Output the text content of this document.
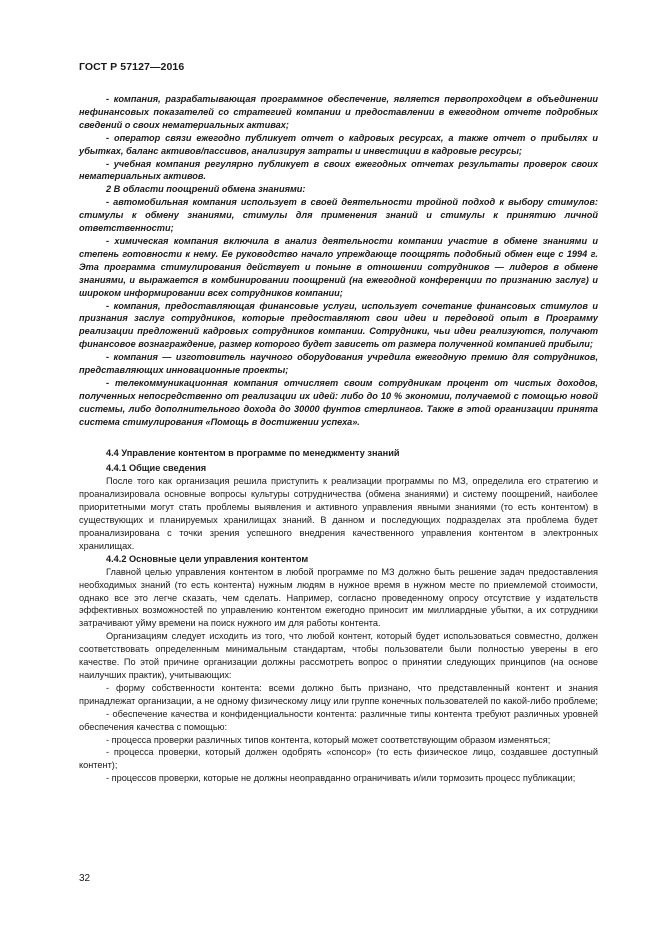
ГОСТ Р 57127—2016

- компания, разрабатывающая программное обеспечение, является первопроходцем в объединении нефинансовых показателей со стратегией компании и предоставлении в ежегодном отчете подробных сведений о своих нематериальных активах;

- оператор связи ежегодно публикует отчет о кадровых ресурсах, а также отчет о прибылях и убытках, баланс активов/пассивов, анализируя затраты и инвестиции в кадровые ресурсы;

- учебная компания регулярно публикует в своих ежегодных отчетах результаты проверок своих нематериальных активов.

2 В области поощрений обмена знаниями:

- автомобильная компания использует в своей деятельности тройной подход к выбору стимулов: стимулы к обмену знаниями, стимулы для применения знаний и стимулы к принятию личной ответственности;

- химическая компания включила в анализ деятельности компании участие в обмене знаниями и степень готовности к нему. Ее руководство начало упреждающе поощрять подобный обмен еще с 1994 г. Эта программа стимулирования действует и поныне в отношении сотрудников — лидеров в обмене знаниями, и выражается в комбинировании поощрений (на ежегодной конференции по признанию заслуг) и широком информировании всех сотрудников компании;

- компания, предоставляющая финансовые услуги, использует сочетание финансовых стимулов и признания заслуг сотрудников, которые предоставляют свои идеи и передовой опыт в Программу реализации предложений кадровых сотрудников компании. Сотрудники, чьи идеи реализуются, получают финансовое вознаграждение, размер которого будет зависеть от размера полученной компанией прибыли;

- компания — изготовитель научного оборудования учредила ежегодную премию для сотрудников, представляющих инновационные проекты;

- телекоммуникационная компания отчисляет своим сотрудникам процент от чистых доходов, полученных непосредственно от реализации их идей: либо до 10 % экономии, получаемой с помощью новой системы, либо дополнительного дохода до 30000 фунтов стерлингов. Также в этой организации принята система стимулирования «Помощь в достижении успеха».

4.4 Управление контентом в программе по менеджменту знаний

4.4.1 Общие сведения

После того как организация решила приступить к реализации программы по МЗ, определила его стратегию и проанализировала основные вопросы культуры сотрудничества (обмена знаниями) и систему поощрений, наиболее приоритетными могут стать проблемы выявления и активного управления явными знаниями (то есть контентом) в существующих и планируемых хранилищах знаний. В данном и последующих подразделах эта проблема будет проанализирована с точки зрения успешного внедрения качественного управления контентом в электронных хранилищах.

4.4.2 Основные цели управления контентом

Главной целью управления контентом в любой программе по МЗ должно быть решение задач предоставления необходимых знаний (то есть контента) нужным людям в нужное время в нужном месте по приемлемой стоимости, однако все это легче сказать, чем сделать. Например, согласно проведенному опросу отсутствие у издательств эффективных возможностей по управлению контентом ежегодно приносит им миллиардные убытки, а их сотрудники затрачивают уйму времени на поиск нужного им для работы контента.

Организациям следует исходить из того, что любой контент, который будет использоваться совместно, должен соответствовать определенным минимальным стандартам, чтобы пользователи были полностью уверены в его качестве. По этой причине организации должны рассмотреть вопрос о принятии следующих принципов (на основе наилучших практик), учитывающих:

- форму собственности контента: всеми должно быть признано, что представленный контент и знания принадлежат организации, а не одному физическому лицу или группе конечных пользователей по какой-либо проблеме;

- обеспечение качества и конфиденциальности контента: различные типы контента требуют различных уровней обеспечения качества с помощью:

- процесса проверки различных типов контента, который может соответствующим образом изменяться;

- процесса проверки, который должен одобрять «спонсор» (то есть физическое лицо, создавшее доступный контент);

- процессов проверки, которые не должны неоправданно ограничивать и/или тормозить процесс публикации;

32
